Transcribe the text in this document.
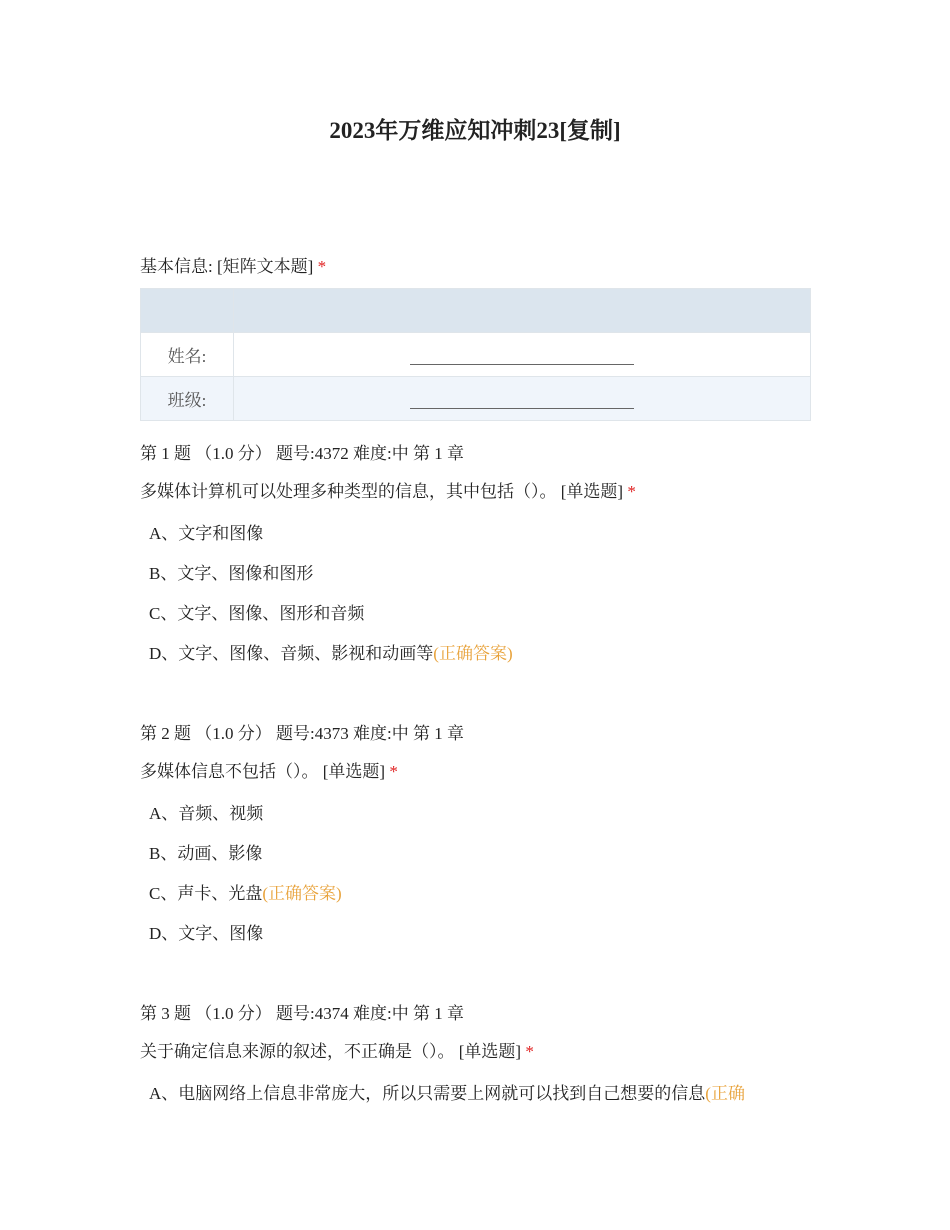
2023年万维应知冲刺23[复制]
基本信息: [矩阵文本题] *

姓名:	
班级:	
第 1 题 （1.0 分） 题号:4372 难度:中 第 1 章
多媒体计算机可以处理多种类型的信息，其中包括（）。 [单选题] *
A、文字和图像
B、文字、图像和图形
C、文字、图像、图形和音频
D、文字、图像、音频、影视和动画等(正确答案)
第 2 题 （1.0 分） 题号:4373 难度:中 第 1 章
多媒体信息不包括（）。 [单选题] *
A、音频、视频
B、动画、影像
C、声卡、光盘(正确答案)
D、文字、图像
第 3 题 （1.0 分） 题号:4374 难度:中 第 1 章
关于确定信息来源的叙述，不正确是（）。 [单选题] *
A、电脑网络上信息非常庞大，所以只需要上网就可以找到自己想要的信息(正确
